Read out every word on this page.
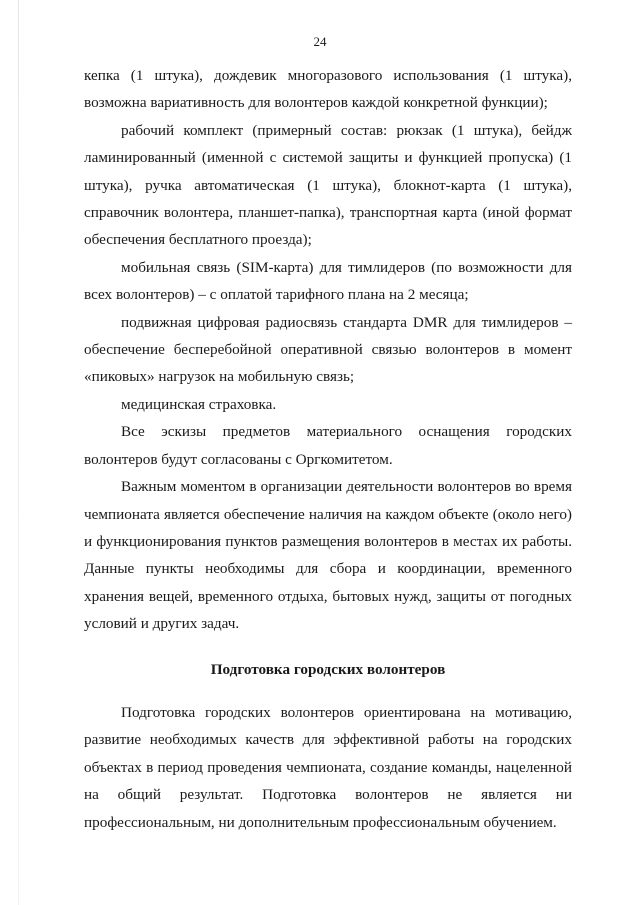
24

кепка (1 штука), дождевик многоразового использования (1 штука), возможна вариативность для волонтеров каждой конкретной функции);

рабочий комплект (примерный состав: рюкзак (1 штука), бейдж ламинированный (именной с системой защиты и функцией пропуска) (1 штука), ручка автоматическая (1 штука), блокнот-карта (1 штука), справочник волонтера, планшет-папка), транспортная карта (иной формат обеспечения бесплатного проезда);

мобильная связь (SIM-карта) для тимлидеров (по возможности для всех волонтеров) – с оплатой тарифного плана на 2 месяца;

подвижная цифровая радиосвязь стандарта DMR для тимлидеров – обеспечение бесперебойной оперативной связью волонтеров в момент «пиковых» нагрузок на мобильную связь;

медицинская страховка.

Все эскизы предметов материального оснащения городских волонтеров будут согласованы с Оргкомитетом.

Важным моментом в организации деятельности волонтеров во время чемпионата является обеспечение наличия на каждом объекте (около него) и функционирования пунктов размещения волонтеров в местах их работы. Данные пункты необходимы для сбора и координации, временного хранения вещей, временного отдыха, бытовых нужд, защиты от погодных условий и других задач.

Подготовка городских волонтеров

Подготовка городских волонтеров ориентирована на мотивацию, развитие необходимых качеств для эффективной работы на городских объектах в период проведения чемпионата, создание команды, нацеленной на общий результат. Подготовка волонтеров не является ни профессиональным, ни дополнительным профессиональным обучением.
